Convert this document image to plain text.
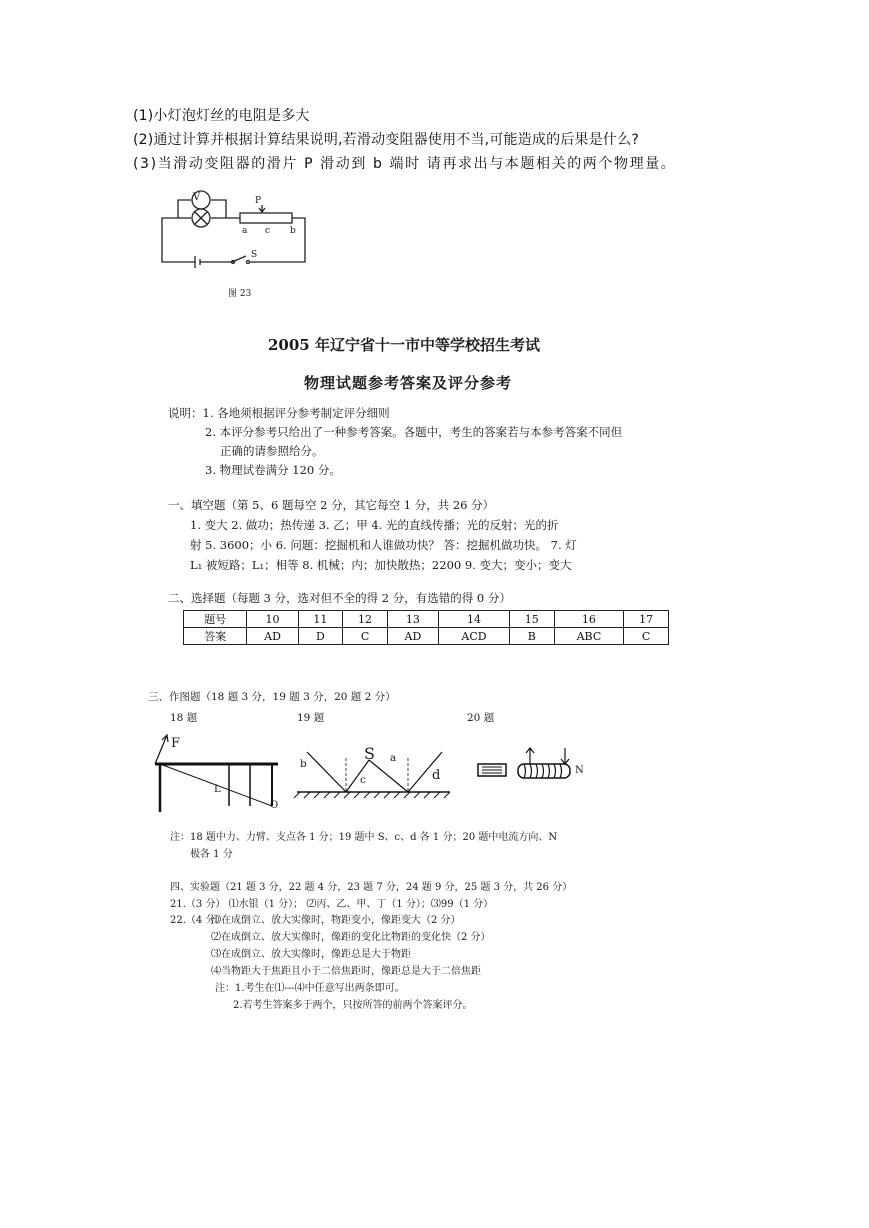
(1)小灯泡灯丝的电阻是多大
(2)通过计算并根据计算结果说明,若滑动变阻器使用不当,可能造成的后果是什么?
(3)当滑动变阻器的滑片 P 滑动到 b 端时 请再求出与本题相关的两个物理量。
V	P
a c b
S
图 23
2005 年辽宁省十一市中等学校招生考试
物理试题参考答案及评分参考
说明：1. 各地须根据评分参考制定评分细则
2. 本评分参考只给出了一种参考答案。各题中，考生的答案若与本参考答案不同但
正确的请参照给分。
3. 物理试卷满分 120 分。
一、填空题（第 5、6 题每空 2 分，其它每空 1 分，共 26 分）
1. 变大 2. 做功；热传递 3. 乙；甲 4. 光的直线传播；光的反射；光的折
射 5. 3600；小 6. 问题：挖掘机和人谁做功快？ 答：挖掘机做功快。 7. 灯
L₁ 被短路；L₁；相等 8. 机械；内；加快散热；2200 9. 变大；变小；变大
二、选择题（每题 3 分，选对但不全的得 2 分，有选错的得 0 分）
题号	10	11	12	13	14	15	16	17
答案	AD	D	C	AD	ACD	B	ABC	C
三、作图题（18 题 3 分，19 题 3 分，20 题 2 分）
18 题	19 题	20 题
F
L
O
S
b	a
c	d	N
注：18 题中力、力臂、支点各 1 分；19 题中 S、c、d 各 1 分；20 题中电流方向、N
极各 1 分
四、实验题（21 题 3 分，22 题 4 分，23 题 7 分，24 题 9 分，25 题 3 分，共 26 分）
21.（3 分） ⑴水银（1 分）； ⑵丙、乙、甲、丁（1 分）；⑶99（1 分）
22.（4 分）
⑴在成倒立、放大实像时，物距变小，像距变大（2 分）
⑵在成倒立、放大实像时，像距的变化比物距的变化快（2 分）
⑶在成倒立、放大实像时，像距总是大于物距
⑷当物距大于焦距且小于二倍焦距时，像距总是大于二倍焦距
注：1.考生在⑴---⑷中任意写出两条即可。
2.若考生答案多于两个，只按所答的前两个答案评分。
